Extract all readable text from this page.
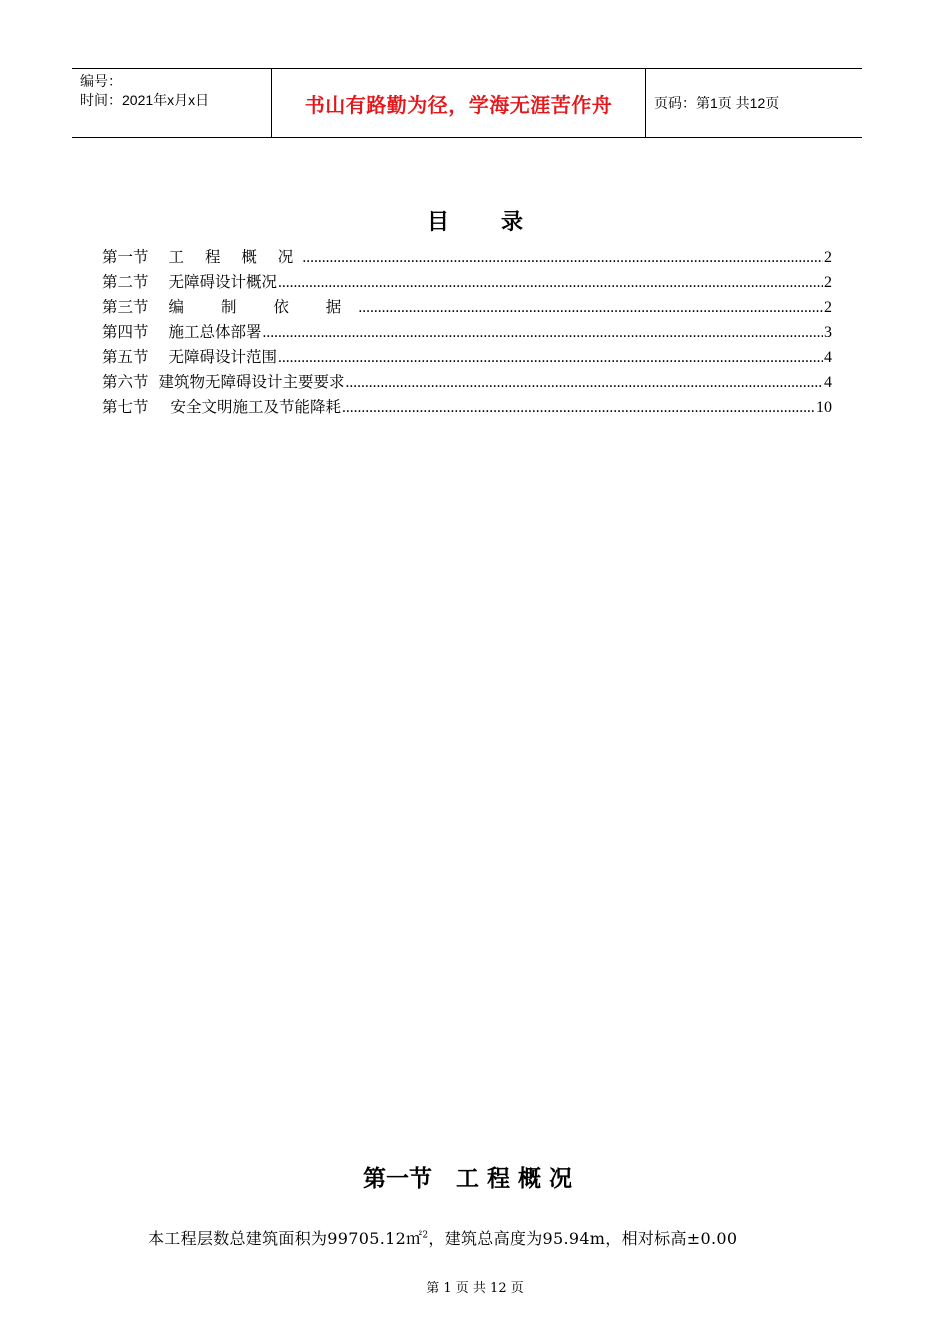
编号：
时间：2021年x月x日	书山有路勤为径，学海无涯苦作舟	页码：第1页 共12页
目录
第一节 工 程 概 况 .....	2
第二节 无障碍设计概况 .....	2
第三节 编 制 依 据 .....	2
第四节 施工总体部署 .....	3
第五节 无障碍设计范围 .....	4
第六节 建筑物无障碍设计主要要求 .....	4
第七节 安全文明施工及节能降耗 .....	10
第一节   工 程 概 况
本工程层数总建筑面积为99705.12㎡$^2$，建筑总高度为95.94m，相对标高±0.00
第 1 页 共 12 页
